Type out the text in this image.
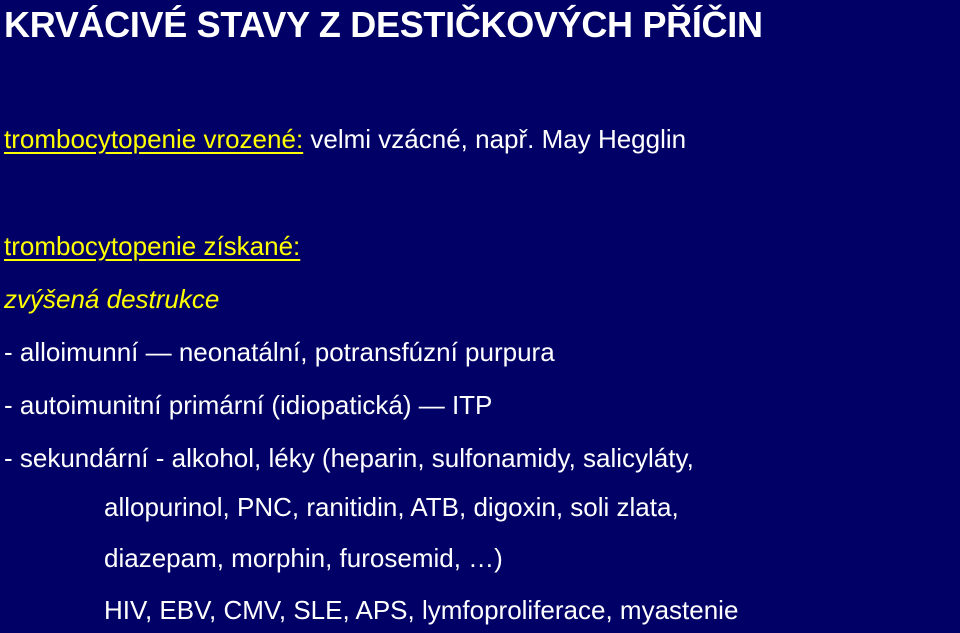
KRVÁCIVÉ STAVY Z DESTIČKOVÝCH PŘÍČIN
trombocytopenie vrozené: velmi vzácné, např. May Hegglin
trombocytopenie získané:
zvýšená destrukce
- alloimunní — neonatální, potransfúzní purpura
- autoimunitní primární (idiopatická) — ITP
- sekundární - alkohol, léky (heparin, sulfonamidy, salicyláty,
allopurinol, PNC, ranitidin, ATB, digoxin, soli zlata,
diazepam, morphin, furosemid, …)
HIV, EBV, CMV, SLE, APS, lymfoproliferace, myastenie
